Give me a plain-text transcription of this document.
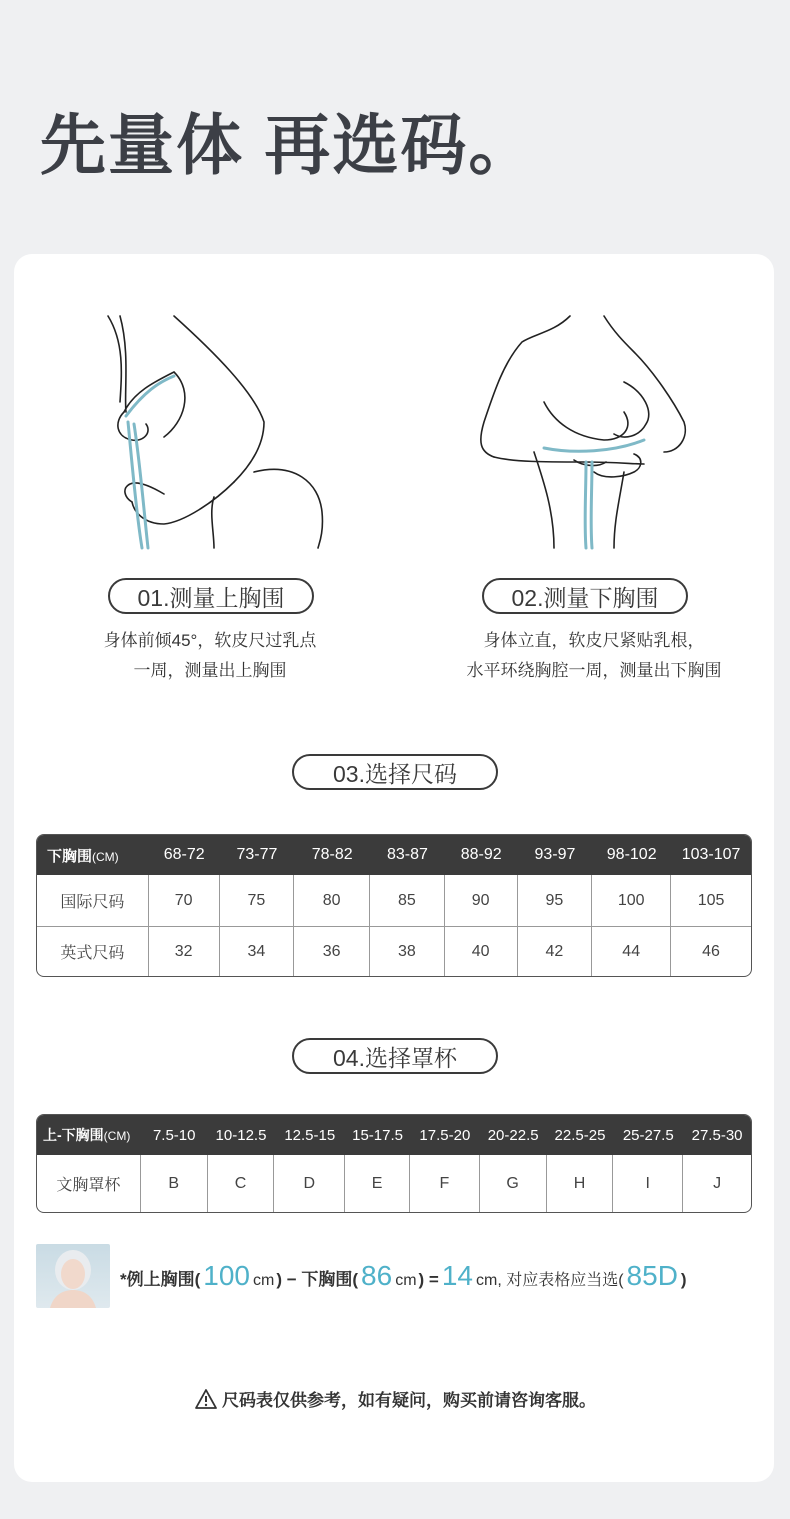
先量体 再选码。
01.测量上胸围	02.测量下胸围
身体前倾45°，软皮尺过乳点
一周，测量出上胸围
身体立直，软皮尺紧贴乳根，
水平环绕胸腔一周，测量出下胸围
03.选择尺码
下胸围(CM)	68-72	73-77	78-82	83-87	88-92	93-97	98-102	103-107
国际尺码	70	75	80	85	90	95	100	105
英式尺码	32	34	36	38	40	42	44	46
04.选择罩杯
上-下胸围(CM)	7.5-10	10-12.5	12.5-15	15-17.5	17.5-20	20-22.5	22.5-25	25-27.5	27.5-30
文胸罩杯	B	C	D	E	F	G	H	I	J
*例上胸围( 100 cm ) − 下胸围( 86 cm ) = 14 cm, 对应表格应当选( 85D )
尺码表仅供参考，如有疑问，购买前请咨询客服。
